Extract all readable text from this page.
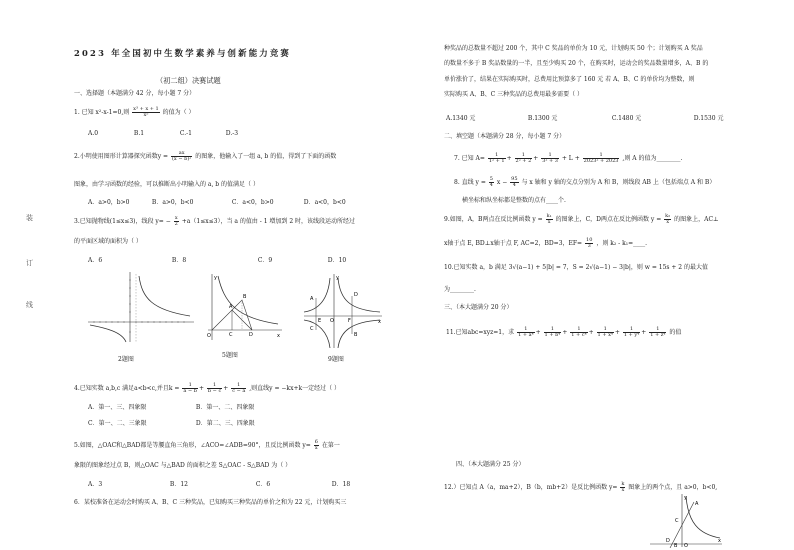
装
订
线
2023 年全国初中生数学素养与创新能力竞赛
（初二组）决赛试题
一、选择题（本题满分 42 分，每小题 7 分）
1. 已知 x²-x-1=0,则 $\frac{\text{x³ + x + 1}}{\text{x⁵}}$ 的值为（ ）
A.0	B.1	C.-1	D.-3
2.小明使用图形计算器探究函数$y = \frac{ax}{\text{(x − b)²}}$ 的图象，他输入了一组 a, b 的值，得到了下面的函数
图象，由学习函数的经验，可以推断出小明输入的 a, b 的值满足（ ）
A．a>0，b>0	B．a>0，b<0	C．a<0，b>0	D．a<0，b<0
3.已知抛物线(1≤x≤3)，线段 $y= - \frac{x}{2} +a(1\le x\le 3)$，当 a 的值由 - 1 增加到 2 时，该线段运动所经过
的平面区域的面积为（ ）
A．6	B．8	C．9	D．10
2题图
y
O	x
A
B
C	D
5题图
y
A
D
B
C
O	F
E	x
9题图
4.已知实数 a,b,c 满足a<b<c,并且$k = \frac{1}{a - b} + \frac{1}{b - c} + \frac{1}{c - a}$ ,则直线y = −kx+k一定经过（ ）
A．第一、三、四象限	B．第一、二、四象限
C．第一、二、三象限	D．第二、三、四象限
5.如图，△OAC和△BAD都是等腰直角三角形，∠ACO=∠ADB=90°，且反比例函数 $y= \frac{6}{x}$ 在第一
象限的图象经过点 B，则△OAC 与△BAD 的面积之差 S△OAC - S△BAD 为（ ）
A．3	B．12	C．6	D．18
6．某校准备在运动会时购买 A、B、C 三种奖品，已知购买三种奖品的单价之和为 22 元，计划购买三
种奖品的总数量不超过 200 个，其中 C 奖品的单价为 10 元，计划购买 50 个；计划购买 A 奖品
的数量不多于 B 奖品数量的一半，且至少购买 20 个，在购买时，运动会的奖品数量增多，A、B 的
单价涨价了，结果在实际购买时，总费用比预算多了 160 元 若 A、B、C 的单价均为整数，则
实际购买 A、B、C 三种奖品的总费用最多需要（ ）
A.1340 元	B.1300 元	C.1480 元	D.1530 元
二、填空题（本题满分 28 分，每小题 7 分）
7. 已知 $A= \frac{1}{\text{1² + 1}} + \frac{1}{\text{2² + 2}} + \frac{1}{\text{3² + 3}} + L + \frac{1}{\text{2023² + 2023}}$ ,则 A 的值为________.
8. 直线 $y = \frac{5}{4}$ $x - \frac{95}{4}$ 与 x 轴和 y 轴的交点分别为 A 和 B，则线段 AB 上（包括端点 A 和 B）
横坐标和纵坐标都是整数的点有____个.
9.如图，A，B两点在反比例函数 $y = \frac{\text{k₁}}{x}$ 的图象上，C，D两点在反比例函数 $y = \frac{\text{k₂}}{x}$ 的图象上，AC⊥
x轴于点 E, BD⊥x轴于点 F, AC=2，BD=3，$EF= \frac{10}{3}$ ，则 k₂ - k₁=____.
10.已知实数 a，b 满足 3√(a−1) + 5|b| = 7，S = 2√(a−1) − 3|b|，则 w = 15s + 2 的最大值
为________.
三、（本大题满分 20 分）
11.已知abc=xyz=1，求 $\frac{1}{\text{1 + a⁴}} + \frac{1}{\text{1 + b⁴}} + \frac{1}{\text{1 + c⁴}} + \frac{1}{\text{1 + x⁴}} + \frac{1}{\text{1 + y⁴}} + \frac{1}{\text{1 + z⁴}}$ 的值
四、（本大题满分 25 分）
12.）已知点 A（a，ma+2），B（b，mb+2）是反比例函数 $y= \frac{k}{x}$ 图象上的两个点，且 a>0，b<0,
y
A
C
D
B O
x
